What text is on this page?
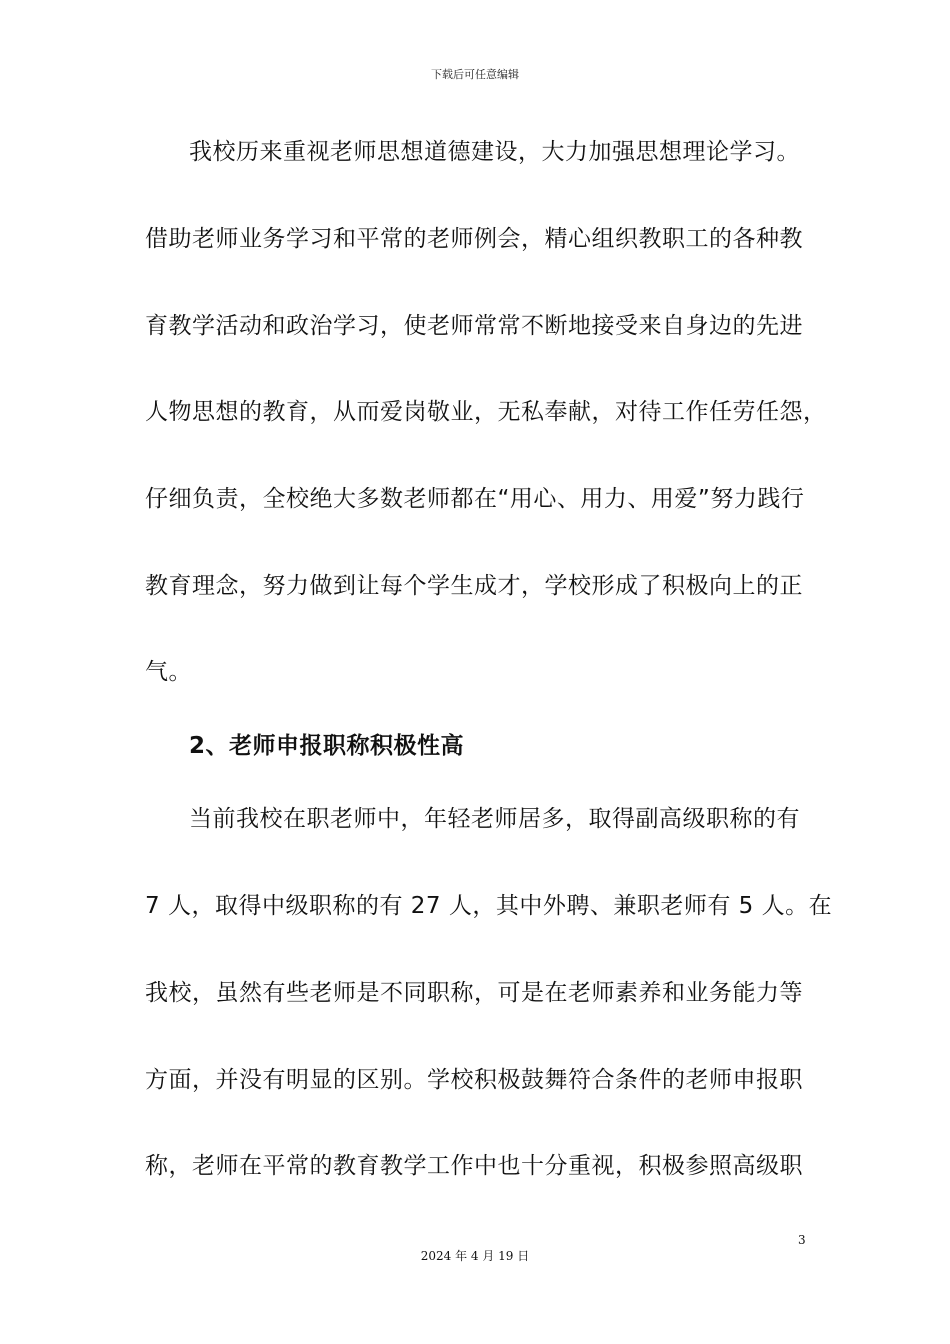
下载后可任意编辑
我校历来重视老师思想道德建设，大力加强思想理论学习。
借助老师业务学习和平常的老师例会，精心组织教职工的各种教
育教学活动和政治学习，使老师常常不断地接受来自身边的先进
人物思想的教育，从而爱岗敬业，无私奉献，对待工作任劳任怨，
仔细负责，全校绝大多数老师都在“用心、用力、用爱”努力践行
教育理念，努力做到让每个学生成才，学校形成了积极向上的正
气。
2、老师申报职称积极性高
当前我校在职老师中，年轻老师居多，取得副高级职称的有
7 人，取得中级职称的有 27 人，其中外聘、兼职老师有 5 人。在
我校，虽然有些老师是不同职称，可是在老师素养和业务能力等
方面，并没有明显的区别。学校积极鼓舞符合条件的老师申报职
称，老师在平常的教育教学工作中也十分重视，积极参照高级职
3
2024 年 4 月 19 日
